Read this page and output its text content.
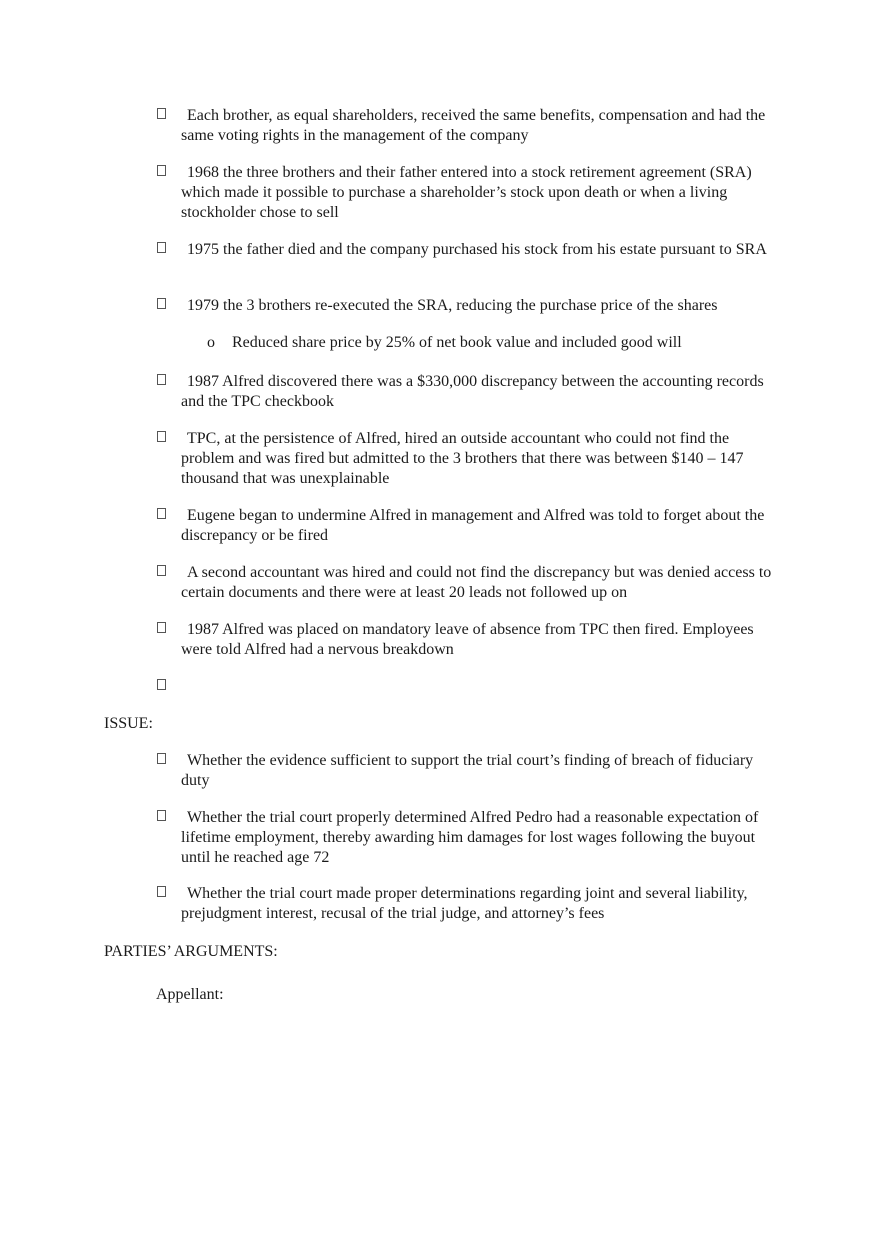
Each brother, as equal shareholders, received the same benefits, compensation and had the same voting rights in the management of the company
1968 the three brothers and their father entered into a stock retirement agreement (SRA) which made it possible to purchase a shareholder’s stock upon death or when a living stockholder chose to sell
1975 the father died and the company purchased his stock from his estate pursuant to SRA
1979 the 3 brothers re-executed the SRA, reducing the purchase price of the shares
o Reduced share price by 25% of net book value and included good will
1987 Alfred discovered there was a $330,000 discrepancy between the accounting records and the TPC checkbook
TPC, at the persistence of Alfred, hired an outside accountant who could not find the problem and was fired but admitted to the 3 brothers that there was between $140 – 147 thousand that was unexplainable
Eugene began to undermine Alfred in management and Alfred was told to forget about the discrepancy or be fired
A second accountant was hired and could not find the discrepancy but was denied access to certain documents and there were at least 20 leads not followed up on
1987 Alfred was placed on mandatory leave of absence from TPC then fired. Employees were told Alfred had a nervous breakdown
ISSUE:
Whether the evidence sufficient to support the trial court’s finding of breach of fiduciary duty
Whether the trial court properly determined Alfred Pedro had a reasonable expectation of lifetime employment, thereby awarding him damages for lost wages following the buyout until he reached age 72
Whether the trial court made proper determinations regarding joint and several liability, prejudgment interest, recusal of the trial judge, and attorney’s fees
PARTIES’ ARGUMENTS:
Appellant:
